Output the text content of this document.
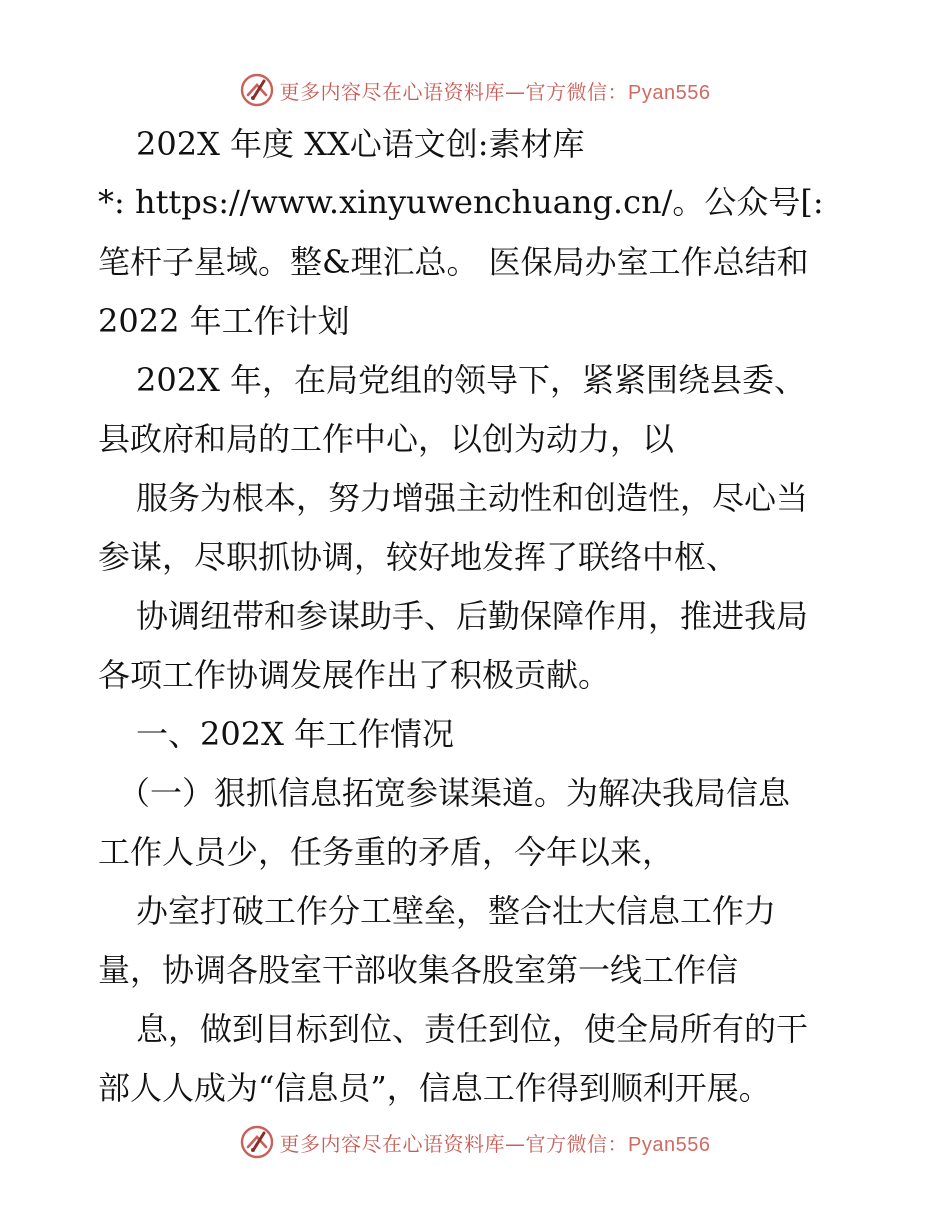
更多内容尽在心语资料库—官方微信：Pyan556
202X 年度 XX心语文创:素材库
*: https://www.xinyuwenchuang.cn/。公众号[:
笔杆子星域。整&理汇总。 医保局办室工作总结和
2022 年工作计划
202X 年，在局党组的领导下，紧紧围绕县委、
县政府和局的工作中心，以创为动力，以
服务为根本，努力增强主动性和创造性，尽心当
参谋，尽职抓协调，较好地发挥了联络中枢、
协调纽带和参谋助手、后勤保障作用，推进我局
各项工作协调发展作出了积极贡献。
一、202X 年工作情况
（一）狠抓信息拓宽参谋渠道。为解决我局信息
工作人员少，任务重的矛盾，今年以来，
办室打破工作分工壁垒，整合壮大信息工作力
量，协调各股室干部收集各股室第一线工作信
息，做到目标到位、责任到位，使全局所有的干
部人人成为“信息员”，信息工作得到顺利开展。
更多内容尽在心语资料库—官方微信：Pyan556
